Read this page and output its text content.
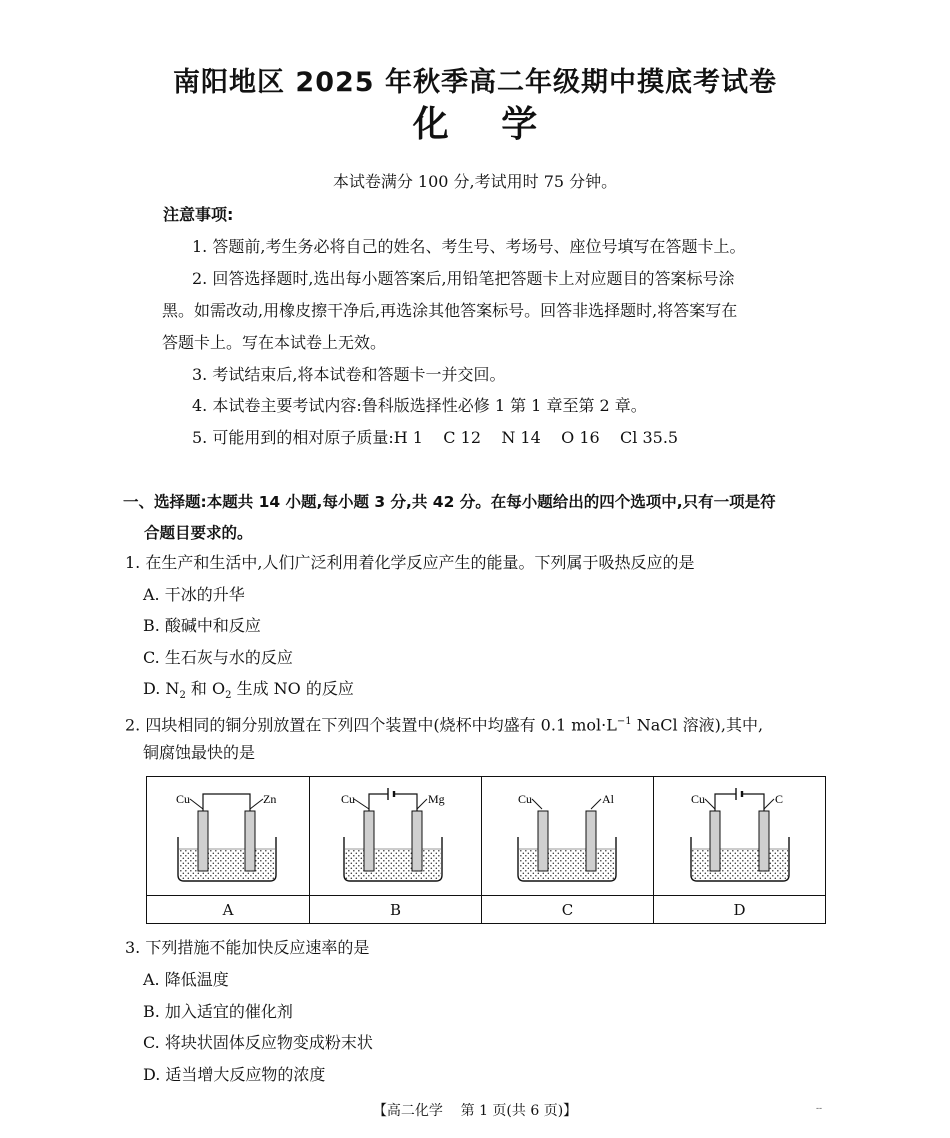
南阳地区 2025 年秋季高二年级期中摸底考试卷
化 学
本试卷满分 100 分,考试用时 75 分钟。
注意事项:
1. 答题前,考生务必将自己的姓名、考生号、考场号、座位号填写在答题卡上。
2. 回答选择题时,选出每小题答案后,用铅笔把答题卡上对应题目的答案标号涂
黑。如需改动,用橡皮擦干净后,再选涂其他答案标号。回答非选择题时,将答案写在
答题卡上。写在本试卷上无效。
3. 考试结束后,将本试卷和答题卡一并交回。
4. 本试卷主要考试内容:鲁科版选择性必修 1 第 1 章至第 2 章。
5. 可能用到的相对原子质量:H 1    C 12    N 14    O 16    Cl 35.5
一、选择题:本题共 14 小题,每小题 3 分,共 42 分。在每小题给出的四个选项中,只有一项是符
合题目要求的。
1. 在生产和生活中,人们广泛利用着化学反应产生的能量。下列属于吸热反应的是
A. 干冰的升华
B. 酸碱中和反应
C. 生石灰与水的反应
D. $N_2$ 和 $O_2$ 生成 NO 的反应
2. 四块相同的铜分别放置在下列四个装置中(烧杯中均盛有 0.1 $mol\cdot L^{-1}$ NaCl 溶液),其中,
铜腐蚀最快的是
Cu Zn	Cu Mg	Cu Al	Cu C

A	B	C	D
3. 下列措施不能加快反应速率的是
A. 降低温度
B. 加入适宜的催化剂
C. 将块状固体反应物变成粉末状
D. 适当增大反应物的浓度
【高二化学    第 1 页(共 6 页)】	--
